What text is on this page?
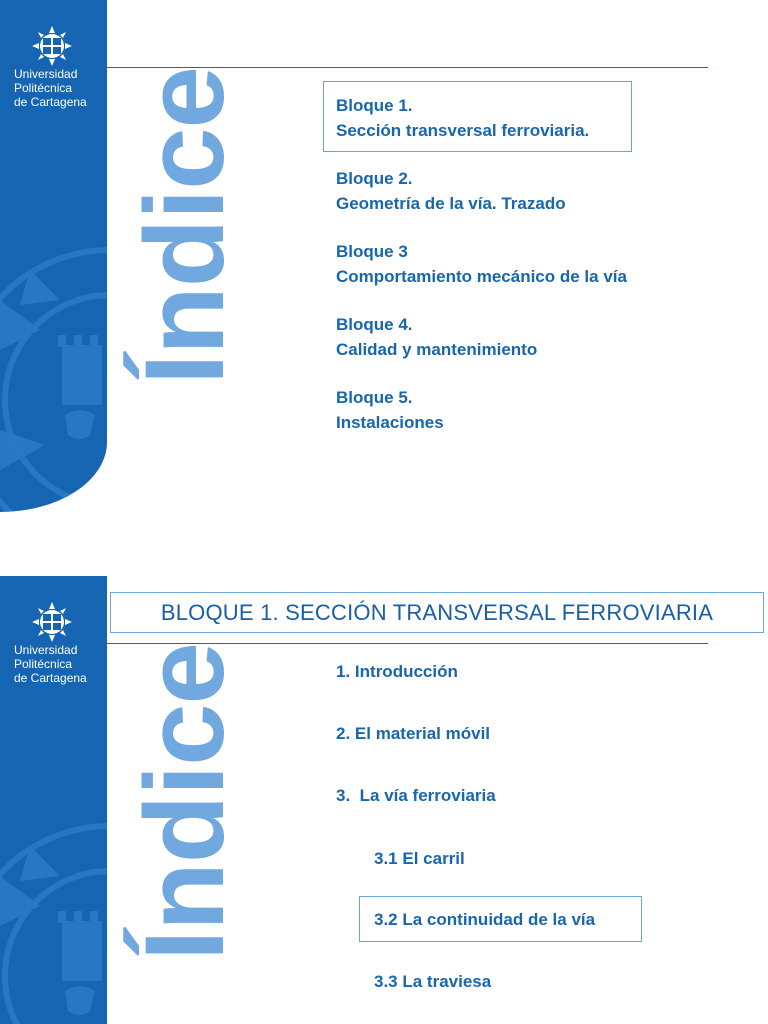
Universidad
Politécnica
de Cartagena Índice	Bloque 1.
Sección transversal ferroviaria.
Bloque 2.
Geometría de la vía. Trazado
Bloque 3
Comportamiento mecánico de la vía
Bloque 4.
Calidad y mantenimiento
Bloque 5.
Instalaciones
Universidad
Politécnica
de Cartagena
BLOQUE 1. SECCIÓN TRANSVERSAL FERROVIARIA
Índice	1. Introducción
2. El material móvil
3. La vía ferroviaria
3.1 El carril
3.2 La continuidad de la vía
3.3 La traviesa
